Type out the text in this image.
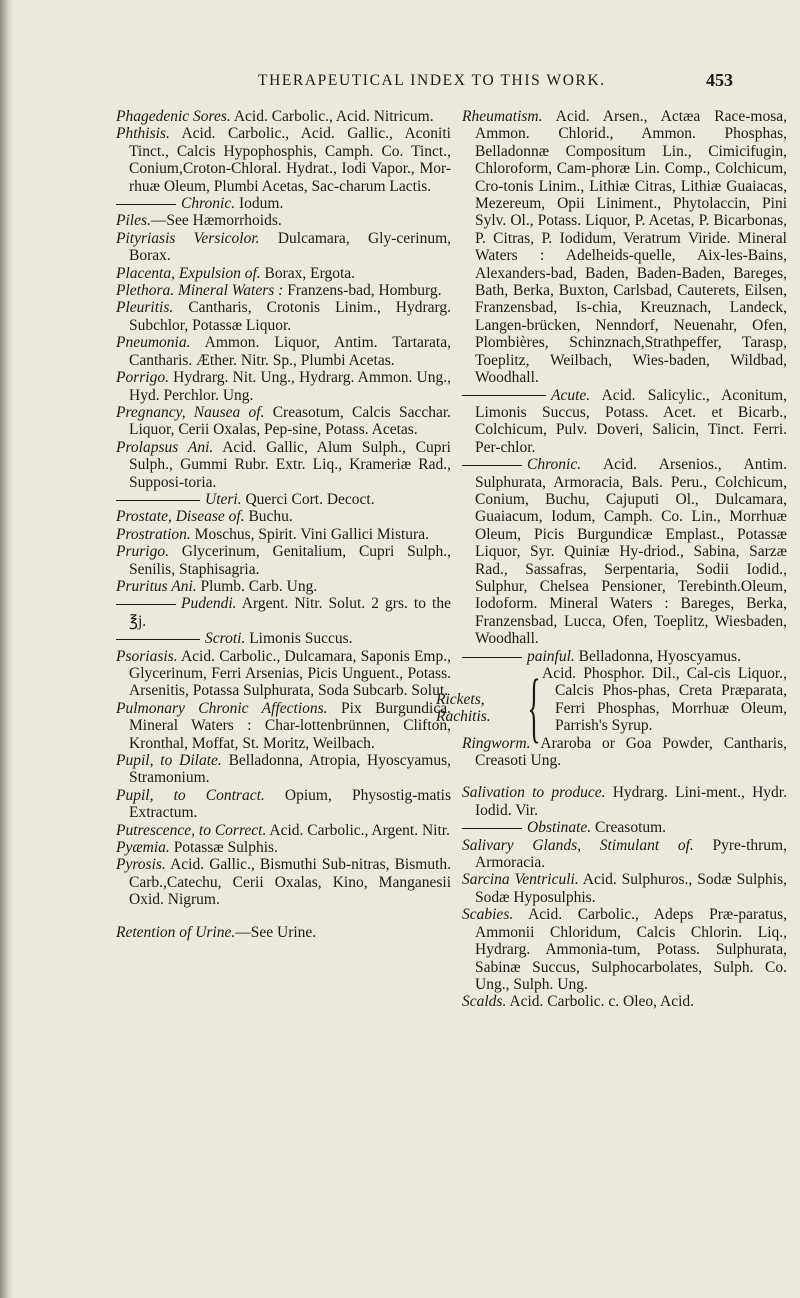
THERAPEUTICAL INDEX TO THIS WORK.	453
Phagedenic Sores. Acid. Carbolic., Acid. Nitricum.
Phthisis. Acid. Carbolic., Acid. Gallic., Aconiti Tinct., Calcis Hypophosphis, Camph. Co. Tinct., Conium,Croton-Chloral. Hydrat., Iodi Vapor., Mor-rhuæ Oleum, Plumbi Acetas, Sac-charum Lactis.
Chronic. Iodum.
Piles.—See Hæmorrhoids.
Pityriasis Versicolor. Dulcamara, Gly-cerinum, Borax.
Placenta, Expulsion of. Borax, Ergota.
Plethora. Mineral Waters : Franzens-bad, Homburg.
Pleuritis. Cantharis, Crotonis Linim., Hydrarg. Subchlor, Potassæ Liquor.
Pneumonia. Ammon. Liquor, Antim. Tartarata, Cantharis. Æther. Nitr. Sp., Plumbi Acetas.
Porrigo. Hydrarg. Nit. Ung., Hydrarg. Ammon. Ung., Hyd. Perchlor. Ung.
Pregnancy, Nausea of. Creasotum, Calcis Sacchar. Liquor, Cerii Oxalas, Pep-sine, Potass. Acetas.
Prolapsus Ani. Acid. Gallic, Alum Sulph., Cupri Sulph., Gummi Rubr. Extr. Liq., Krameriæ Rad., Supposi-toria.
Uteri. Querci Cort. Decoct.
Prostate, Disease of. Buchu.
Prostration. Moschus, Spirit. Vini Gallici Mistura.
Prurigo. Glycerinum, Genitalium, Cupri Sulph., Senilis, Staphisagria.
Pruritus Ani. Plumb. Carb. Ung.
Pudendi. Argent. Nitr. Solut. 2 grs. to the ℥j.
Scroti. Limonis Succus.
Psoriasis. Acid. Carbolic., Dulcamara, Saponis Emp., Glycerinum, Ferri Arsenias, Picis Unguent., Potass. Arsenitis, Potassa Sulphurata, Soda Subcarb. Solut.
Pulmonary Chronic Affections. Pix Burgundica. Mineral Waters : Char-lottenbrünnen, Clifton, Kronthal, Moffat, St. Moritz, Weilbach.
Pupil, to Dilate. Belladonna, Atropia, Hyoscyamus, Stramonium.
Pupil, to Contract. Opium, Physostig-matis Extractum.
Putrescence, to Correct. Acid. Carbolic., Argent. Nitr.
Pyæmia. Potassæ Sulphis.
Pyrosis. Acid. Gallic., Bismuthi Sub-nitras, Bismuth. Carb.,Catechu, Cerii Oxalas, Kino, Manganesii Oxid. Nigrum.
Retention of Urine.—See Urine.
Rheumatism. Acid. Arsen., Actæa Race-mosa, Ammon. Chlorid., Ammon. Phosphas, Belladonnæ Compositum Lin., Cimicifugin, Chloroform, Cam-phoræ Lin. Comp., Colchicum, Cro-tonis Linim., Lithiæ Citras, Lithiæ Guaiacas, Mezereum, Opii Liniment., Phytolaccin, Pini Sylv. Ol., Potass. Liquor, P. Acetas, P. Bicarbonas, P. Citras, P. Iodidum, Veratrum Viride. Mineral Waters : Adelheids-quelle, Aix-les-Bains, Alexanders-bad, Baden, Baden-Baden, Bareges, Bath, Berka, Buxton, Carlsbad, Cauterets, Eilsen, Franzensbad, Is-chia, Kreuznach, Landeck, Langen-brücken, Nenndorf, Neuenahr, Ofen, Plombières, Schinznach,Strathpeffer, Tarasp, Toeplitz, Weilbach, Wies-baden, Wildbad, Woodhall.
Acute. Acid. Salicylic., Aconitum, Limonis Succus, Potass. Acet. et Bicarb., Colchicum, Pulv. Doveri, Salicin, Tinct. Ferri. Per-chlor.
Chronic. Acid. Arsenios., Antim. Sulphurata, Armoracia, Bals. Peru., Colchicum, Conium, Buchu, Cajuputi Ol., Dulcamara, Guaiacum, Iodum, Camph. Co. Lin., Morrhuæ Oleum, Picis Burgundicæ Emplast., Potassæ Liquor, Syr. Quiniæ Hy-driod., Sabina, Sarzæ Rad., Sassafras, Serpentaria, Sodii Iodid., Sulphur, Chelsea Pensioner, Terebinth.Oleum, Iodoform. Mineral Waters : Bareges, Berka, Franzensbad, Lucca, Ofen, Toeplitz, Wiesbaden, Woodhall.
painful. Belladonna, Hyoscyamus.
Rickets,
Rachitis. { Acid. Phosphor. Dil., Cal-cis Liquor., Calcis Phos-phas, Creta Præparata, Ferri Phosphas, Morrhuæ Oleum, Parrish's Syrup.
Ringworm. Araroba or Goa Powder, Cantharis, Creasoti Ung.
Salivation to produce. Hydrarg. Lini-ment., Hydr. Iodid. Vir.
Obstinate. Creasotum.
Salivary Glands, Stimulant of. Pyre-thrum, Armoracia.
Sarcina Ventriculi. Acid. Sulphuros., Sodæ Sulphis, Sodæ Hyposulphis.
Scabies. Acid. Carbolic., Adeps Præ-paratus, Ammonii Chloridum, Calcis Chlorin. Liq., Hydrarg. Ammonia-tum, Potass. Sulphurata, Sabinæ Succus, Sulphocarbolates, Sulph. Co. Ung., Sulph. Ung.
Scalds. Acid. Carbolic. c. Oleo, Acid.
